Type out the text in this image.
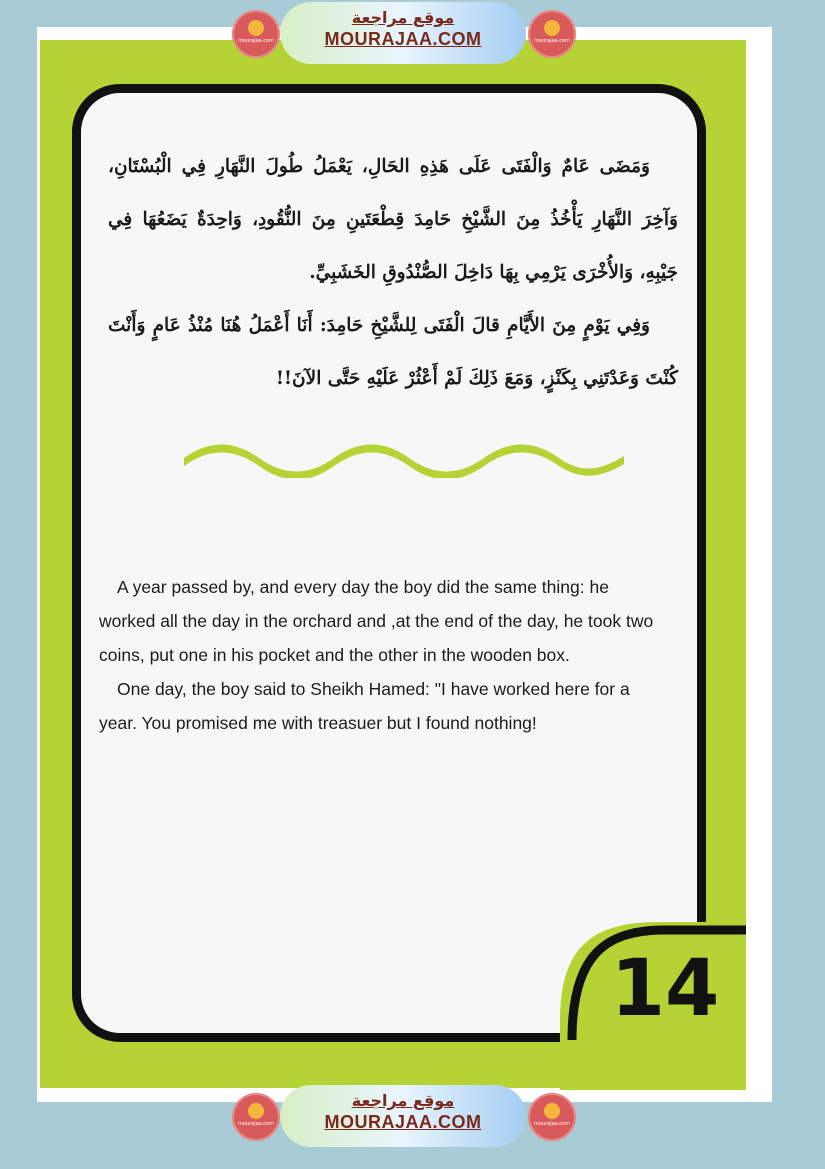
وَمَضَى عَامٌ وَالْفَتَى عَلَى هَذِهِ الحَالِ، يَعْمَلُ طُولَ النَّهَارِ فِي الْبُسْتَانِ، وَآخِرَ النَّهَارِ يَأْخُذُ مِنَ الشَّيْخِ حَامِدَ قِطْعَتَينِ مِنَ النُّقُودِ، وَاحِدَةٌ يَضَعُهَا فِي جَيْبِهِ، وَالأُخْرَى يَرْمِي بِهَا دَاخِلَ الصُّنْدُوقِ الخَشَبِيِّ.

وَفِي يَوْمٍ مِنَ الأَيَّامِ قالَ الْفَتَى لِلشَّيْخِ حَامِدَ: أَنَا أَعْمَلُ هُنَا مُنْذُ عَامٍ وَأَنْتَ كُنْتَ وَعَدْتَنِي بِكَنْزٍ، وَمَعَ ذَلِكَ لَمْ أَعْثُرْ عَلَيْهِ حَتَّى الآنَ!!

A year passed by, and every day the boy did the same thing: he worked all the day in the orchard and ,at the end of the day, he took two coins, put one in his pocket and the other in the wooden box.

One day, the boy said to Sheikh Hamed: "I have worked here for a year. You promised me with treasuer but I found nothing!

14
mourajaa.com
موقع مراجعة
MOURAJAA.COM	mourajaa.com
mourajaa.com
موقع مراجعة
MOURAJAA.COM	mourajaa.com
